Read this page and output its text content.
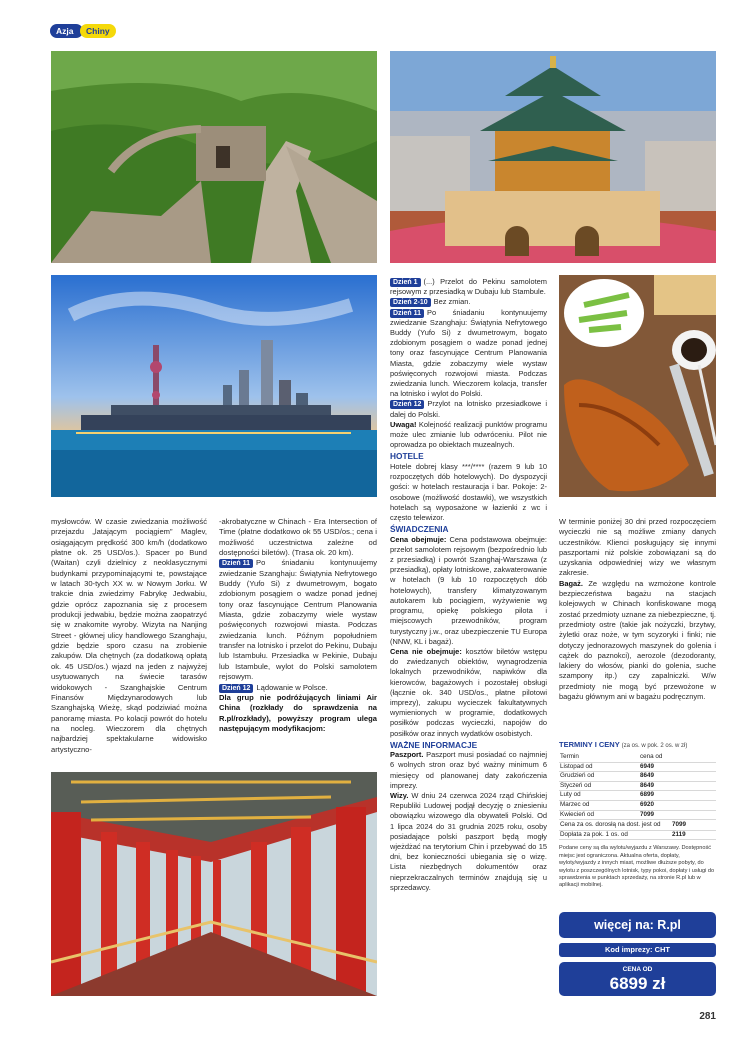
Azja	Chiny

mysłowców. W czasie zwiedzania możliwość przejazdu „latającym pociągiem” Maglev, osiągającym prędkość 300 km/h (dodatkowo płatne ok. 25 USD/os.). Spacer po Bund (Waitan) czyli dzielnicy z neoklasycznymi budynkami przypominającymi te, powstające w latach 30-tych XX w. w Nowym Jorku. W trakcie dnia zwiedzimy Fabrykę Jedwabiu, gdzie oprócz zapoznania się z procesem produkcji jedwabiu, będzie można zaopatrzyć się w znakomite wyroby. Wizyta na Nanjing Street - głównej ulicy handlowego Szanghaju, gdzie będzie sporo czasu na zrobienie zakupów. Dla chętnych (za dodatkową opłatą ok. 45 USD/os.) wjazd na jeden z najwyżej usytuowanych na świecie tarasów widokowych - Szanghajskie Centrum Finansów Międzynarodowych lub Szanghajską Wieżę, skąd podziwiać można panoramę miasta. Po kolacji powrót do hotelu na nocleg. Wieczorem dla chętnych najbardziej spektakularne widowisko artystyczno-

-akrobatyczne w Chinach - Era Intersection of Time (płatne dodatkowo ok 55 USD/os.; cena i możliwość uczestnictwa zależne od dostępności biletów). (Trasa ok. 20 km).

Dzień 11 Po śniadaniu kontynuujemy zwiedzanie Szanghaju: Świątynia Nefrytowego Buddy (Yufo Si) z dwumetrowym, bogato zdobionym posągiem o wadze ponad jednej tony oraz fascynujące Centrum Planowania Miasta, gdzie zobaczymy wiele wystaw poświęconych rozwojowi miasta. Podczas zwiedzania lunch. Późnym popołudniem transfer na lotnisko i przelot do Pekinu, Dubaju lub Istambułu. Przesiadka w Pekinie, Dubaju lub Istambule, wylot do Polski samolotem rejsowym.

Dzień 12 Lądowanie w Polsce.

Dla grup nie podróżujących liniami Air China (rozkłady do sprawdzenia na R.pl/rozkłady), powyższy program ulega następującym modyfikacjom:

Dzień 1 (...) Przelot do Pekinu samolotem rejsowym z przesiadką w Dubaju lub Stambule.

Dzień 2-10 Bez zmian.

Dzień 11 Po śniadaniu kontynuujemy zwiedzanie Szanghaju: Świątynia Nefrytowego Buddy (Yufo Si) z dwumetrowym, bogato zdobionym posągiem o wadze ponad jednej tony oraz fascynujące Centrum Planowania Miasta, gdzie zobaczymy wiele wystaw poświęconych rozwojowi miasta. Podczas zwiedzania lunch. Wieczorem kolacja, transfer na lotnisko i wylot do Polski.

Dzień 12 Przylot na lotnisko przesiadkowe i dalej do Polski.

Uwaga! Kolejność realizacji punktów programu może ulec zmianie lub odwróceniu. Pilot nie oprowadza po obiektach muzealnych.

HOTELE

Hotele dobrej klasy ***/**** (razem 9 lub 10 rozpoczętych dób hotelowych). Do dyspozycji gości: w hotelach restauracja i bar. Pokoje: 2-osobowe (możliwość dostawki), we wszystkich hotelach są wyposażone w łazienki z wc i często telewizor.

ŚWIADCZENIA

Cena obejmuje: Cena podstawowa obejmuje: przelot samolotem rejsowym (bezpośrednio lub z przesiadką) i powrót Szanghaj-Warszawa (z przesiadką), opłaty lotniskowe, zakwaterowanie w hotelach (9 lub 10 rozpoczętych dób hotelowych), transfery klimatyzowanym autokarem lub pociągiem, wyżywienie wg programu, opiekę polskiego pilota i miejscowych przewodników, program turystyczny j.w., oraz ubezpieczenie TU Europa (NNW, KL i bagaż).

Cena nie obejmuje: kosztów biletów wstępu do zwiedzanych obiektów, wynagrodzenia lokalnych przewodników, napiwków dla kierowców, bagażowych i pozostałej obsługi (łącznie ok. 340 USD/os., płatne pilotowi imprezy), zakupu wycieczek fakultatywnych wymienionych w programie, dodatkowych posiłków podczas wycieczki, napojów do posiłków oraz innych wydatków osobistych.

WAŻNE INFORMACJE

Paszport. Paszport musi posiadać co najmniej 6 wolnych stron oraz być ważny minimum 6 miesięcy od planowanej daty zakończenia imprezy.

Wizy. W dniu 24 czerwca 2024 rząd Chińskiej Republiki Ludowej podjął decyzję o zniesieniu obowiązku wizowego dla obywateli Polski. Od 1 lipca 2024 do 31 grudnia 2025 roku, osoby posiadające polski paszport będą mogły wjeżdżać na terytorium Chin i przebywać do 15 dni, bez konieczności ubiegania się o wizę. Lista niezbędnych dokumentów oraz nieprzekraczalnych terminów znajdują się u sprzedawcy.

W terminie poniżej 30 dni przed rozpoczęciem wycieczki nie są możliwe zmiany danych uczestników. Klienci posługujący się innymi paszportami niż polskie zobowiązani są do uzyskania odpowiedniej wizy we własnym zakresie.

Bagaż. Ze względu na wzmożone kontrole bezpieczeństwa bagażu na stacjach kolejowych w Chinach konfiskowane mogą zostać przedmioty uznane za niebezpieczne, tj. przedmioty ostre (takie jak nożyczki, brzytwy, żyletki oraz noże, w tym scyzoryki i finki; nie dotyczy jednorazowych maszynek do golenia i cążek do paznokci), aerozole (dezodoranty, lakiery do włosów, pianki do golenia, suche szampony itp.) czy zapalniczki. W/w przedmioty nie mogą być przewożone w bagażu głównym ani w bagażu podręcznym.

TERMINY I CENY (za os. w pok. 2 os. w zł)
Termin	cena od
Listopad od	6949
Grudzień od	8649
Styczeń od	8649
Luty od	6899
Marzec od	6920
Kwiecień od	7099
Cena za os. dorosłą na dost. jest od	7099
Dopłata za pok. 1 os. od	2119

Podane ceny są dla wylotu/wyjazdu z Warszawy. Dostępność miejsc jest ograniczona. Aktualna oferta, dopłaty, wyloty/wyjazdy z innych miast, możliwe dłuższe pobyty, do wylotu z poszczególnych lotnisk, typy pokoi, dopłaty i usługi do sprawdzenia w punktach sprzedaży, na stronie R.pl lub w aplikacji mobilnej.

więcej na: R.pl
Kod imprezy: CHT
CENA OD
6899 zł
281
